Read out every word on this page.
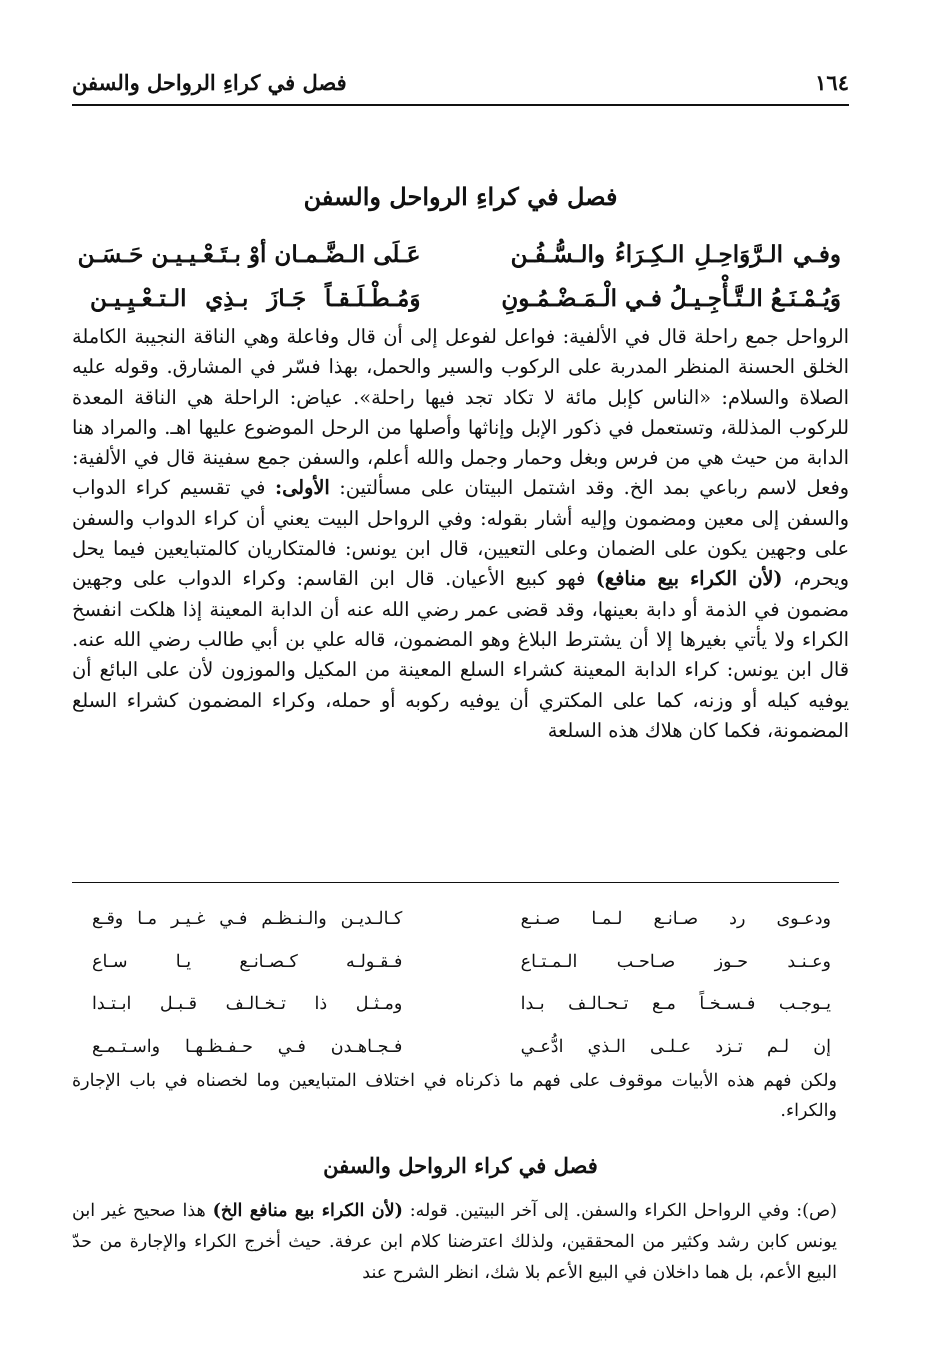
١٦٤
فصل في كراءِ الرواحل والسفن
فصل في كراءِ الرواحل والسفن
وفـي الـرَّوَاحِـلِ الـكِـرَاءُ والـسُّـفُـن
عَـلَى الـضَّـمـان أوْ بـتَـعْـيـيـن حَـسَـن
وَيُـمْـنَـعُ الـتَّـأْجِـيـلُ فـي الْـمَـضْـمُـونِ
وَمُـطْـلَـقـاً جَـازَ بـذِي الـتـعْـيِـيـن
الرواحل جمع راحلة قال في الألفية: فواعل لفوعل إلى أن قال وفاعلة وهي الناقة النجيبة الكاملة الخلق الحسنة المنظر المدربة على الركوب والسير والحمل، بهذا فسّر في المشارق. وقوله عليه الصلاة والسلام: «الناس كإبل مائة لا تكاد تجد فيها راحلة». عياض: الراحلة هي الناقة المعدة للركوب المذللة، وتستعمل في ذكور الإبل وإناثها وأصلها من الرحل الموضوع عليها اهـ. والمراد هنا الدابة من حيث هي من فرس وبغل وحمار وجمل والله أعلم، والسفن جمع سفينة قال في الألفية: وفعل لاسم رباعي بمد الخ. وقد اشتمل البيتان على مسألتين: الأولى: في تقسيم كراء الدواب والسفن إلى معين ومضمون وإليه أشار بقوله: وفي الرواحل البيت يعني أن كراء الدواب والسفن على وجهين يكون على الضمان وعلى التعيين، قال ابن يونس: فالمتكاريان كالمتبايعين فيما يحل ويحرم، (لأن الكراء بيع منافع) فهو كبيع الأعيان. قال ابن القاسم: وكراء الدواب على وجهين مضمون في الذمة أو دابة بعينها، وقد قضى عمر رضي الله عنه أن الدابة المعينة إذا هلكت انفسخ الكراء ولا يأتي بغيرها إلا أن يشترط البلاغ وهو المضمون، قاله علي بن أبي طالب رضي الله عنه. قال ابن يونس: كراء الدابة المعينة كشراء السلع المعينة من المكيل والموزون لأن على البائع أن يوفيه كيله أو وزنه، كما على المكتري أن يوفيه ركوبه أو حمله، وكراء المضمون كشراء السلع المضمونة، فكما كان هلاك هذه السلعة
ودعـوى رد صـانـع لـمـا صـنـع
كـالـديـن والـنـظـم فـي غـيـر مـا وقـع
وعـنـد حـوز صـاحـب الـمـتـاع
فـقـولـه كـصـانـع يـا سـاع
يـوجـب فـسـخـاً مـع تـحـالـف بـدا
ومـثـل ذا تـخـالـف قـبـل ابـتـدا
إن لـم تـزد عـلـى الـذي ادُّعـي
فـجـاهـدن فـي حـفـظـهـا واسـتـمـع
ولكن فهم هذه الأبيات موقوف على فهم ما ذكرناه في اختلاف المتبايعين وما لخصناه في باب الإجارة والكراء.
فصل في كراء الرواحل والسفن
(ص): وفي الرواحل الكراء والسفن. إلى آخر البيتين. قوله: (لأن الكراء بيع منافع الخ) هذا صحيح غير ابن يونس كابن رشد وكثير من المحققين، ولذلك اعترضنا كلام ابن عرفة. حيث أخرج الكراء والإجارة من حدّ البيع الأعم، بل هما داخلان في البيع الأعم بلا شك، انظر الشرح عند
